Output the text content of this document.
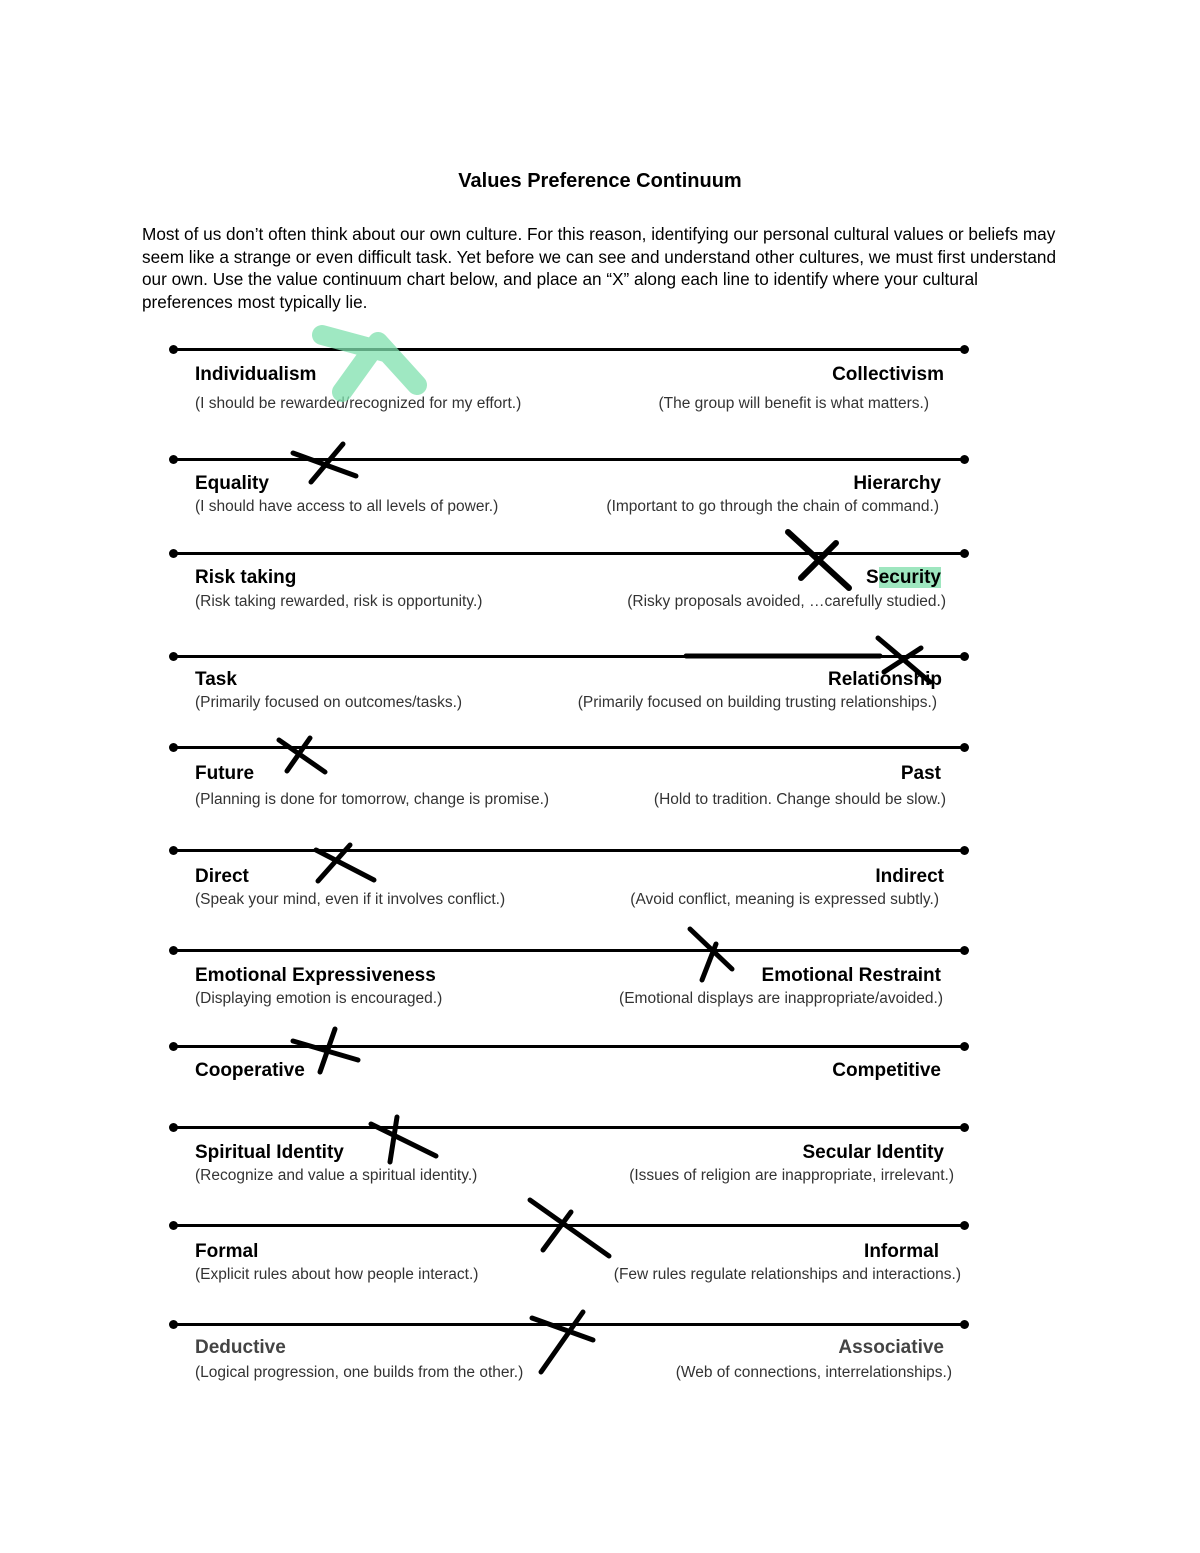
Values Preference Continuum
Most of us don’t often think about our own culture. For this reason, identifying our personal cultural values or beliefs may seem like a strange or even difficult task. Yet before we can see and understand other cultures, we must first understand our own. Use the value continuum chart below, and place an “X” along each line to identify where your cultural preferences most typically lie.
Individualism	Collectivism
(I should be rewarded/recognized for my effort.)	(The group will benefit is what matters.)
Equality	Hierarchy
(I should have access to all levels of power.)	(Important to go through the chain of command.)
Risk taking	Security
(Risk taking rewarded, risk is opportunity.)	(Risky proposals avoided, …carefully studied.)
Task	Relationship
(Primarily focused on outcomes/tasks.)	(Primarily focused on building trusting relationships.)
Future	Past
(Planning is done for tomorrow, change is promise.)	(Hold to tradition. Change should be slow.)
Direct	Indirect
(Speak your mind, even if it involves conflict.)	(Avoid conflict, meaning is expressed subtly.)
Emotional Expressiveness	Emotional Restraint
(Displaying emotion is encouraged.)	(Emotional displays are inappropriate/avoided.)
Cooperative	Competitive
Spiritual Identity	Secular Identity
(Recognize and value a spiritual identity.)	(Issues of religion are inappropriate, irrelevant.)
Formal	Informal
(Explicit rules about how people interact.)	(Few rules regulate relationships and interactions.)
Deductive	Associative
(Logical progression, one builds from the other.)	(Web of connections, interrelationships.)
